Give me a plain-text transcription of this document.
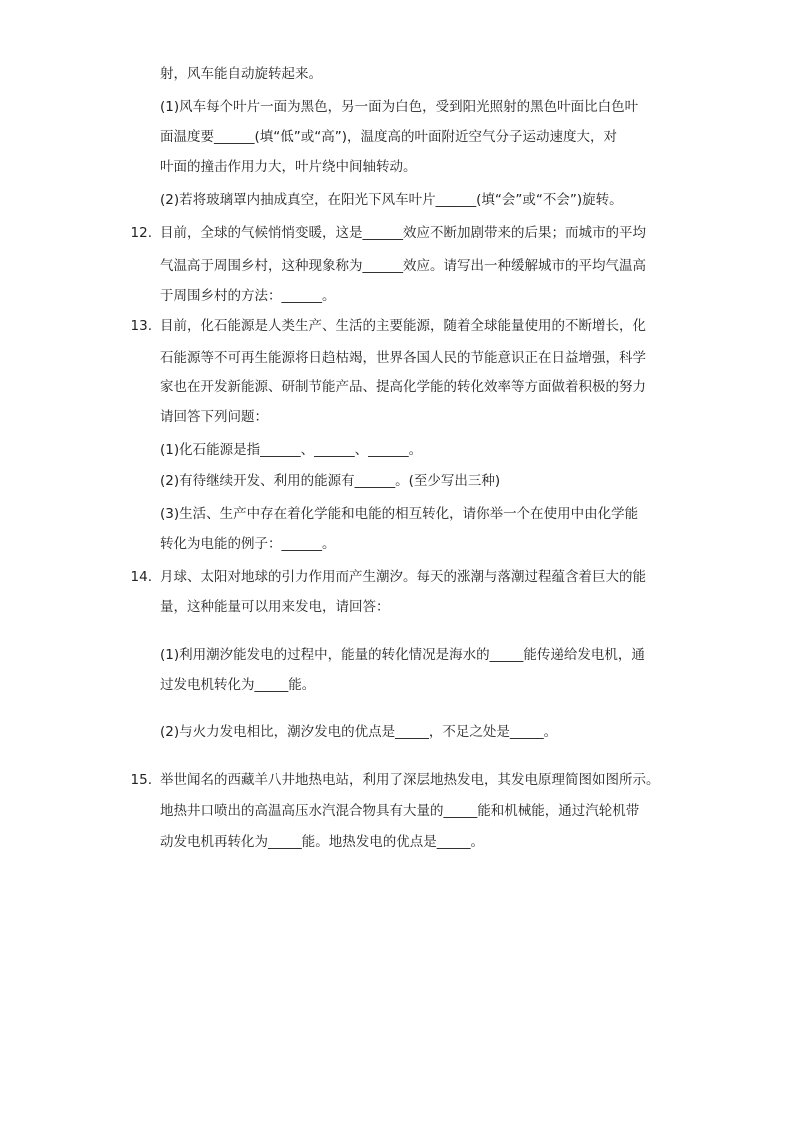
射，风车能自动旋转起来。
(1)风车每个叶片一面为黑色，另一面为白色，受到阳光照射的黑色叶面比白色叶
面温度要______(填“低”或“高”)，温度高的叶面附近空气分子运动速度大，对
叶面的撞击作用力大，叶片绕中间轴转动。
(2)若将玻璃罩内抽成真空，在阳光下风车叶片______(填“会”或“不会”)旋转。
12. 目前，全球的气候悄悄变暖，这是______效应不断加剧带来的后果；而城市的平均
气温高于周围乡村，这种现象称为______效应。请写出一种缓解城市的平均气温高
于周围乡村的方法：______。
13. 目前，化石能源是人类生产、生活的主要能源，随着全球能量使用的不断增长，化
石能源等不可再生能源将日趋枯竭，世界各国人民的节能意识正在日益增强，科学
家也在开发新能源、研制节能产品、提高化学能的转化效率等方面做着积极的努力
请回答下列问题：
(1)化石能源是指______、______、______。
(2)有待继续开发、利用的能源有______。(至少写出三种)
(3)生活、生产中存在着化学能和电能的相互转化，请你举一个在使用中由化学能
转化为电能的例子：______。
14. 月球、太阳对地球的引力作用而产生潮汐。每天的涨潮与落潮过程蕴含着巨大的能
量，这种能量可以用来发电，请回答：
(1)利用潮汐能发电的过程中，能量的转化情况是海水的_____能传递给发电机，通
过发电机转化为_____能。
(2)与火力发电相比，潮汐发电的优点是_____，不足之处是_____。
15. 举世闻名的西藏羊八井地热电站，利用了深层地热发电，其发电原理简图如图所示。
地热井口喷出的高温高压水汽混合物具有大量的_____能和机械能，通过汽轮机带
动发电机再转化为_____能。地热发电的优点是_____。
